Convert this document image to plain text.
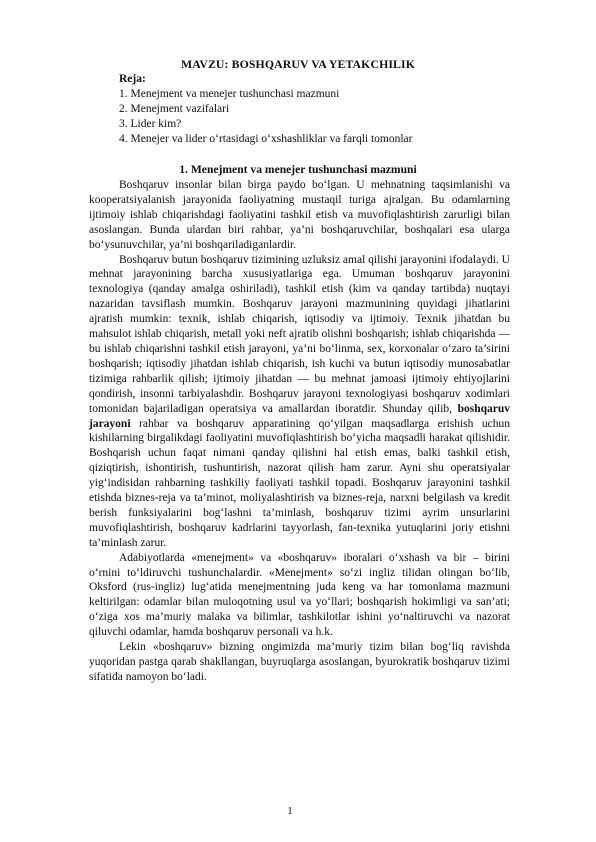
MAVZU: BOSHQARUV VA YETAKCHILIK
Reja:
1. Menejment va menejer tushunchasi mazmuni
2. Menejment vazifalari
3. Lider kim?
4. Menejer va lider o‘rtasidagi o‘xshashliklar va farqli tomonlar
1. Menejment va menejer tushunchasi mazmuni

Boshqaruv insonlar bilan birga paydo bo‘lgan. U mehnatning taqsimlanishi va kooperatsiyalanish jarayonida faoliyatning mustaqil turiga ajralgan. Bu odamlarning ijtimoiy ishlab chiqarishdagi faoliyatini tashkil etish va muvofiqlashtirish zarurligi bilan asoslangan. Bunda ulardan biri rahbar, ya’ni boshqaruvchilar, boshqalari esa ularga bo‘ysunuvchilar, ya’ni boshqariladiganlardir.

Boshqaruv butun boshqaruv tizimining uzluksiz amal qilishi jarayonini ifodalaydi. U mehnat jarayonining barcha xususiyatlariga ega. Umuman boshqaruv jarayonini texnologiya (qanday amalga oshiriladi), tashkil etish (kim va qanday tartibda) nuqtayi nazaridan tavsiflash mumkin. Boshqaruv jarayoni mazmunining quyidagi jihatlarini ajratish mumkin: texnik, ishlab chiqarish, iqtisodiy va ijtimoiy. Texnik jihatdan bu mahsulot ishlab chiqarish, metall yoki neft ajratib olishni boshqarish; ishlab chiqarishda — bu ishlab chiqarishni tashkil etish jarayoni, ya’ni bo‘linma, sex, korxonalar o‘zaro ta’sirini boshqarish; iqtisodiy jihatdan ishlab chiqarish, ish kuchi va butun iqtisodiy munosabatlar tizimiga rahbarlik qilish; ijtimoiy jihatdan — bu mehnat jamoasi ijtimoiy ehtiyojlarini qondirish, insonni tarbiyalashdir. Boshqaruv jarayoni texnologiyasi boshqaruv xodimlari tomonidan bajariladigan operatsiya va amallardan iboratdir. Shunday qilib, boshqaruv jarayoni rahbar va boshqaruv apparatining qo‘yilgan maqsadlarga erishish uchun kishilarning birgalikdagi faoliyatini muvofiqlashtirish bo‘yicha maqsadli harakat qilishidir. Boshqarish uchun faqat nimani qanday qilishni hal etish emas, balki tashkil etish, qiziqtirish, ishontirish, tushuntirish, nazorat qilish ham zarur. Ayni shu operatsiyalar yig‘indisidan rahbarning tashkiliy faoliyati tashkil topadi. Boshqaruv jarayonini tashkil etishda biznes-reja va ta’minot, moliyalashtirish va biznes-reja, narxni belgilash va kredit berish funksiyalarini bog‘lashni ta’minlash, boshqaruv tizimi ayrim unsurlarini muvofiqlashtirish, boshqaruv kadrlarini tayyorlash, fan-texnika yutuqlarini joriy etishni ta’minlash zarur.

Adabiyotlarda «menejment» va «boshqaruv» iboralari o‘xshash va bir – birini o‘rnini to‘ldiruvchi tushunchalardir. «Menejment» so‘zi ingliz tilidan olingan bo‘lib, Oksford (rus-ingliz) lug‘atida menejmentning juda keng va har tomonlama mazmuni keltirilgan: odamlar bilan muloqotning usul va yo‘llari; boshqarish hokimligi va san’ati; o‘ziga xos ma’muriy malaka va bilimlar, tashkilotlar ishini yo‘naltiruvchi va nazorat qiluvchi odamlar, hamda boshqaruv personali va h.k.

Lekin «boshqaruv» bizning ongimizda ma’muriy tizim bilan bog‘liq ravishda yuqoridan pastga qarab shakllangan, buyruqlarga asoslangan, byurokratik boshqaruv tizimi sifatida namoyon bo‘ladi.

1
